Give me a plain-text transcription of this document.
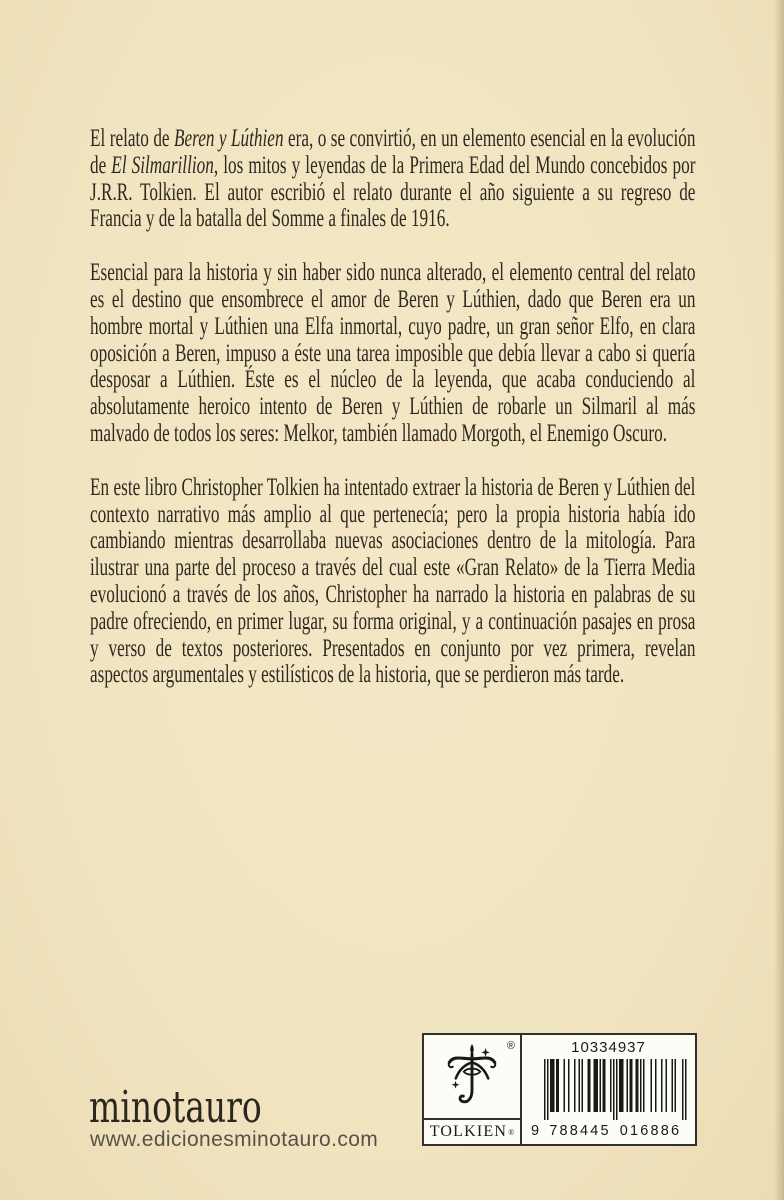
El relato de Beren y Lúthien era, o se convirtió, en un elemento esencial en la evolución de El Silmarillion, los mitos y leyendas de la Primera Edad del Mundo concebidos por J.R.R. Tolkien. El autor escribió el relato durante el año siguiente a su regreso de Francia y de la batalla del Somme a finales de 1916.

Esencial para la historia y sin haber sido nunca alterado, el elemento central del relato es el destino que ensombrece el amor de Beren y Lúthien, dado que Beren era un hombre mortal y Lúthien una Elfa inmortal, cuyo padre, un gran señor Elfo, en clara oposición a Beren, impuso a éste una tarea imposible que debía llevar a cabo si quería desposar a Lúthien. Éste es el núcleo de la leyenda, que acaba conduciendo al absolutamente heroico intento de Beren y Lúthien de robarle un Silmaril al más malvado de todos los seres: Melkor, también llamado Morgoth, el Enemigo Oscuro.

En este libro Christopher Tolkien ha intentado extraer la historia de Beren y Lúthien del contexto narrativo más amplio al que pertenecía; pero la propia historia había ido cambiando mientras desarrollaba nuevas asociaciones dentro de la mitología. Para ilustrar una parte del proceso a través del cual este «Gran Relato» de la Tierra Media evolucionó a través de los años, Christopher ha narrado la historia en palabras de su padre ofreciendo, en primer lugar, su forma original, y a continuación pasajes en prosa y verso de textos posteriores. Presentados en conjunto por vez primera, revelan aspectos argumentales y estilísticos de la historia, que se perdieron más tarde.

minotauro
www.edicionesminotauro.com
®
TOLKIEN ®
10334937
9 788445 016886
